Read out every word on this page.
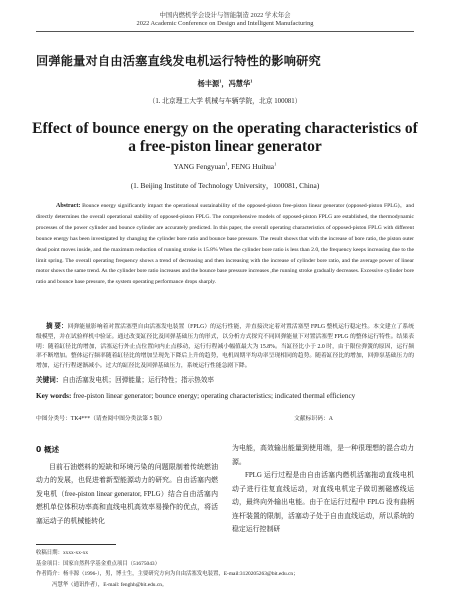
中国内燃机学会设计与智能制造 2022 学术年会
2022 Academic Conference on Design and Intelligent Manufacturing
回弹能量对自由活塞直线发电机运行特性的影响研究
杨丰源$^1$，冯慧华$^1$
（1. 北京理工大学 机械与车辆学院，北京 100081）
Effect of bounce energy on the operating characteristics of a free-piston linear generator
YANG Fengyuan$^1$, FENG Huihua$^1$
(1. Beijing Institute of Technology University，100081, China)
Abstract: Bounce energy significantly impact the operational sustainability of the opposed-piston free-piston linear generator (opposed-piston FPLG)，and directly determines the overall operational stability of opposed-piston FPLG. The comprehensive models of opposed-piston FPLG are established, the thermodynamic processes of the power cylinder and bounce cylinder are accurately predicted. In this paper, the overall operating characteristics of opposed-piston FPLG with different bounce energy has been investigated by changing the cylinder bore ratio and bounce base pressure. The result shows that with the increase of bore ratio, the piston outer dead point moves inside, and the maximum reduction of running stroke is 15.8% When the cylinder bore ratio is less than 2.0, the frequency keeps increasing due to the limit spring. The overall operating frequency shows a trend of decreasing and then increasing with the increase of cylinder bore ratio, and the average power of linear motor shows the same trend. As the cylinder bore ratio increases and the bounce base pressure increases ,the running stroke gradually decreases. Excessive cylinder bore ratio and bounce base pressure, the system operating performance drops sharply.
摘 要：回弹能量影响着对置活塞型自由活塞发电装置（FPLG）的运行性能，并直接决定着对置活塞型 FPLG 整机运行稳定性。本文建立了系统级模型，并在试验样机中验证。通过改变缸径比及回弹基础压力的形式，以分析方式探究不同回弹能量下对置活塞型 FPLG 的整体运行特性。结果表明：随着缸径比的增加，活塞运行外止点位置向内止点移动，运行行程减小幅值最大为 15.8%。当缸径比小于 2.0 时，由于限位弹簧的原因，运行频率不断增加。整体运行频率随着缸径比的增加呈现先下降后上升的趋势，电机周期平均功率呈现相同的趋势。随着缸径比的增加，回弹泵基础压力的增加，运行行程逐渐减小。过大的缸径比及回弹基础压力，系统运行性能急剧下降。
关键词：自由活塞发电机；回弹能量；运行特性；指示热效率
Key words: free-piston linear generator; bounce energy; operating characteristics; indicated thermal efficiency
中图分类号：TK4***（请查阅中图分类法第 5 版）	文献标识码：A
0 概述

目前石油燃料的短缺和环境污染的问题限制着传统燃油动力的发展，也促进着新型能源动力的研究。自由活塞内燃发电机（free-piston linear generator, FPLG）结合自由活塞内燃机单位体积功率高和直线电机高效率易操作的优点，将活塞运动子的机械能转化

为电能，高效输出能量到使用端，是一种很理想的混合动力源。

FPLG 运行过程是由自由活塞内燃机活塞拖动直线电机动子进行往复直线运动，对直线电机定子做切割磁感线运动，最终向外输出电能。由于在运行过程中 FPLG 没有曲柄连杆装置的限制，活塞动子处于自由直线运动，所以系统的稳定运行控制研

收稿日期：xxxx-xx-xx
基金项目：国家自然科学基金重点项目（51675043）
作者简介：杨丰源（1996-），男，博士生，主要研究方向为自由活塞发电装置，E-mail:3120205263@bit.edu.cn；
冯慧华（通讯作者），E-mail: fenghh@bit.edu.cn。
